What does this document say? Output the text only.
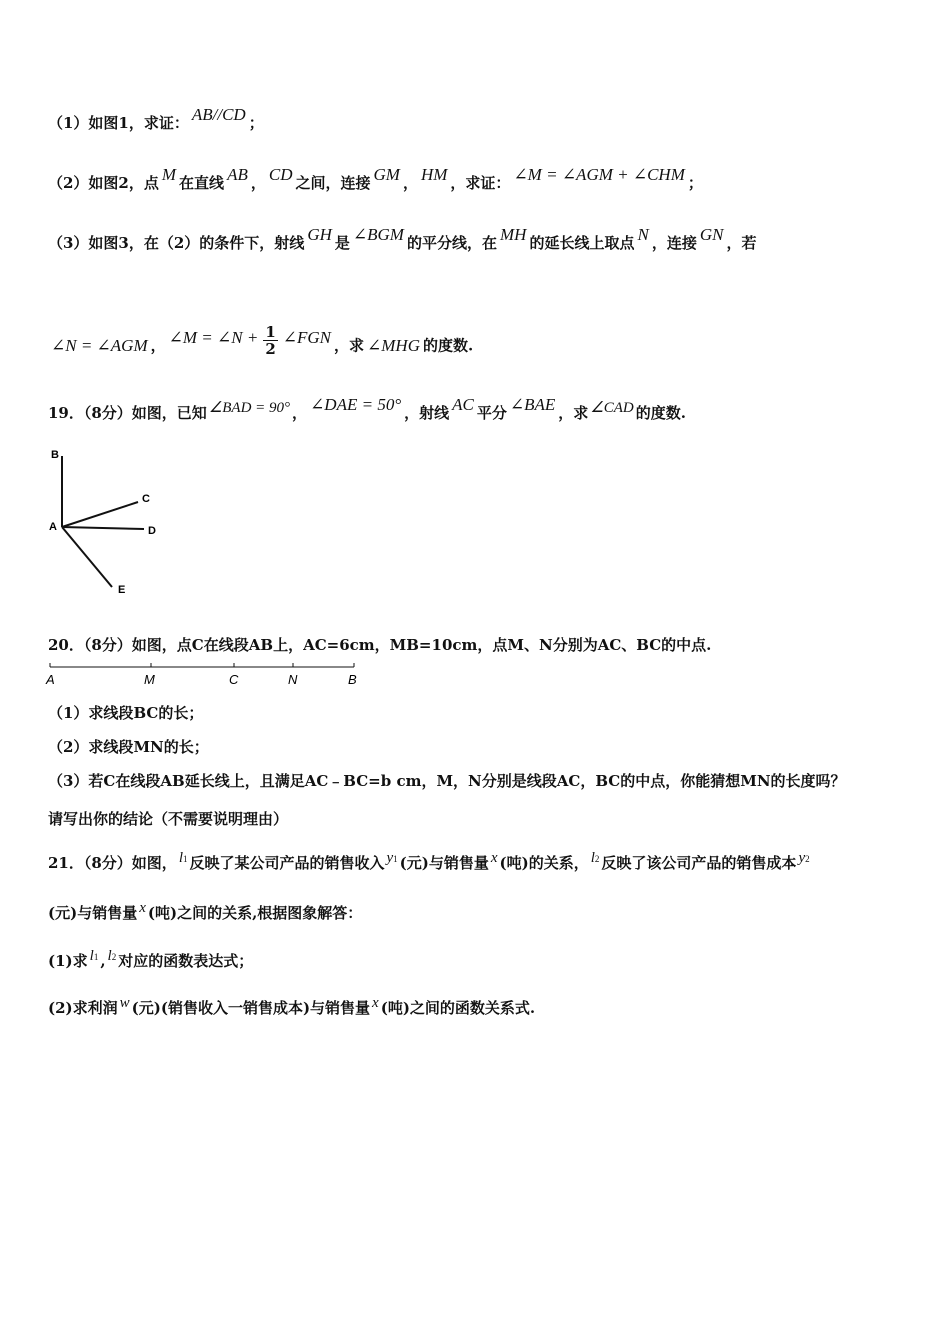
（1）如图1，求证： AB//CD ；
（2）如图2，点 M 在直线 AB ， CD 之间，连接 GM ， HM ，求证： ∠M = ∠AGM + ∠CHM ；
（3）如图3，在（2）的条件下，射线 GH 是 ∠BGM 的平分线，在 MH 的延长线上取点 N ，连接 GN ，若
∠N = ∠AGM ， ∠M = ∠N + $\frac{1}{2}$ ∠FGN ，求 ∠MHG 的度数.
19．（8分）如图，已知 ∠BAD = 90° ， ∠DAE = 50° ，射线 AC 平分 ∠BAE ，求 ∠CAD 的度数.
B
C
A	D
E
20．（8分）如图，点C在线段AB上，AC=6cm，MB=10cm，点M、N分别为AC、BC的中点.
A	M	C	N	B
（1）求线段BC的长；
（2）求线段MN的长；
（3）若C在线段AB延长线上，且满足AC﹣BC=b cm，M，N分别是线段AC，BC的中点，你能猜想MN的长度吗？
请写出你的结论（不需要说明理由）
21．（8分）如图， l1 反映了某公司产品的销售收入 y1 (元)与销售量 x (吨)的关系， l2 反映了该公司产品的销售成本 y2
(元)与销售量 x (吨)之间的关系,根据图象解答：
(1)求 l1 , l2 对应的函数表达式；
(2)求利润 w (元)(销售收入一销售成本)与销售量 x (吨)之间的函数关系式.
